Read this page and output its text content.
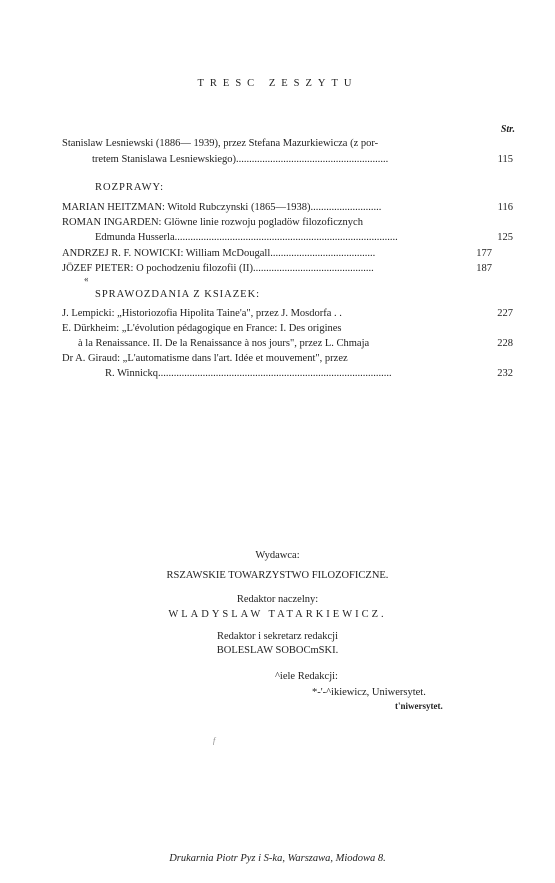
TRESC ZESZYTU
Str.
Stanislaw Lesniewski (1886— 1939), przez Stefana Mazurkiewicza (z por-
tretem Stanislawa Lesniewskiego)..........................................................	115
ROZPRAWY:
MARIAN HEITZMAN: Witold Rubczynski (1865—1938)...........................	116
ROMAN INGARDEN: Glöwne linie rozwoju pogladöw filozoficznych
Edmunda Husserla.....................................................................................	125
ANDRZEJ R. F. NOWICKI: William McDougall........................................	177
JÖZEF PIETER: O pochodzeniu filozofii (II)..............................................	187
«
SPRAWOZDANIA Z KSIAZEK:
J. Lempicki: „Historiozofia Hipolita Taine'a", przez J. Mosdorfa . .	227
E. Dürkheim: „L'évolution pédagogique en France: I. Des origines
à la Renaissance. II. De la Renaissance à nos jours", przez L. Chmaja	228
Dr A. Giraud: „L'automatisme dans l'art. Idée et mouvement", przez
R. Winnickq.........................................................................................	232
Wydawca:
RSZAWSKIE TOWARZYSTWO FILOZOFICZNE.
Redaktor naczelny:
WLADYSLAW TATARKIEWICZ.
Redaktor i sekretarz redakcji
BOLESLAW SOBOCmSKI.
^iele Redakcji:
*-'-^ikiewicz, Uniwersytet.
t'niwersytet.
f
Drukarnia Piotr Pyz i S-ka, Warszawa, Miodowa 8.
